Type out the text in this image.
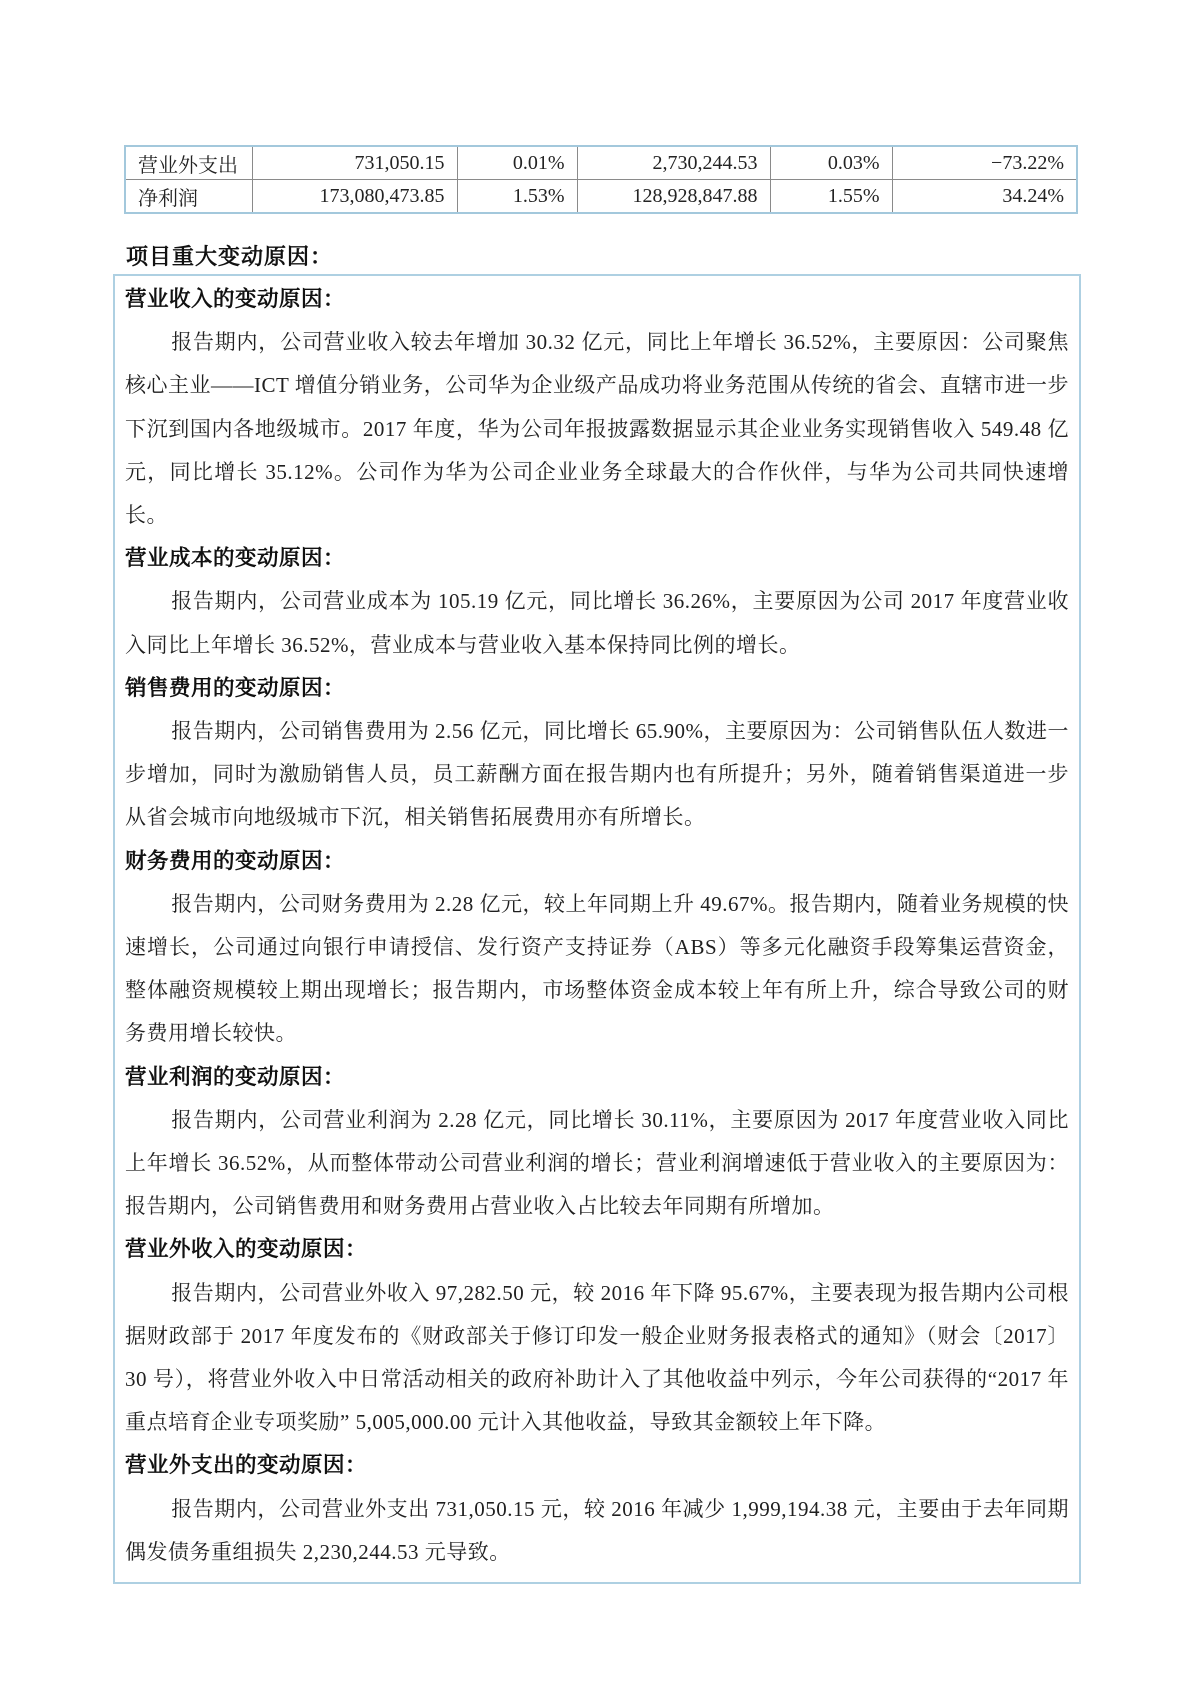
营业外支出	731,050.15	0.01%	2,730,244.53	0.03%	−73.22%
净利润	173,080,473.85	1.53%	128,928,847.88	1.55%	34.24%
项目重大变动原因：
营业收入的变动原因：

报告期内，公司营业收入较去年增加 30.32 亿元，同比上年增长 36.52%，主要原因：公司聚焦核心主业——ICT 增值分销业务，公司华为企业级产品成功将业务范围从传统的省会、直辖市进一步下沉到国内各地级城市。2017 年度，华为公司年报披露数据显示其企业业务实现销售收入 549.48 亿元，同比增长 35.12%。公司作为华为公司企业业务全球最大的合作伙伴，与华为公司共同快速增长。

营业成本的变动原因：

报告期内，公司营业成本为 105.19 亿元，同比增长 36.26%，主要原因为公司 2017 年度营业收入同比上年增长 36.52%，营业成本与营业收入基本保持同比例的增长。

销售费用的变动原因：

报告期内，公司销售费用为 2.56 亿元，同比增长 65.90%，主要原因为：公司销售队伍人数进一步增加，同时为激励销售人员，员工薪酬方面在报告期内也有所提升；另外，随着销售渠道进一步从省会城市向地级城市下沉，相关销售拓展费用亦有所增长。

财务费用的变动原因：

报告期内，公司财务费用为 2.28 亿元，较上年同期上升 49.67%。报告期内，随着业务规模的快速增长，公司通过向银行申请授信、发行资产支持证券（ABS）等多元化融资手段筹集运营资金，整体融资规模较上期出现增长；报告期内，市场整体资金成本较上年有所上升，综合导致公司的财务费用增长较快。

营业利润的变动原因：

报告期内，公司营业利润为 2.28 亿元，同比增长 30.11%，主要原因为 2017 年度营业收入同比上年增长 36.52%，从而整体带动公司营业利润的增长；营业利润增速低于营业收入的主要原因为：报告期内，公司销售费用和财务费用占营业收入占比较去年同期有所增加。

营业外收入的变动原因：

报告期内，公司营业外收入 97,282.50 元，较 2016 年下降 95.67%，主要表现为报告期内公司根据财政部于 2017 年度发布的《财政部关于修订印发一般企业财务报表格式的通知》（财会〔2017〕30 号），将营业外收入中日常活动相关的政府补助计入了其他收益中列示，今年公司获得的“2017 年重点培育企业专项奖励” 5,005,000.00 元计入其他收益，导致其金额较上年下降。

营业外支出的变动原因：

报告期内，公司营业外支出 731,050.15 元，较 2016 年减少 1,999,194.38 元，主要由于去年同期偶发债务重组损失 2,230,244.53 元导致。
